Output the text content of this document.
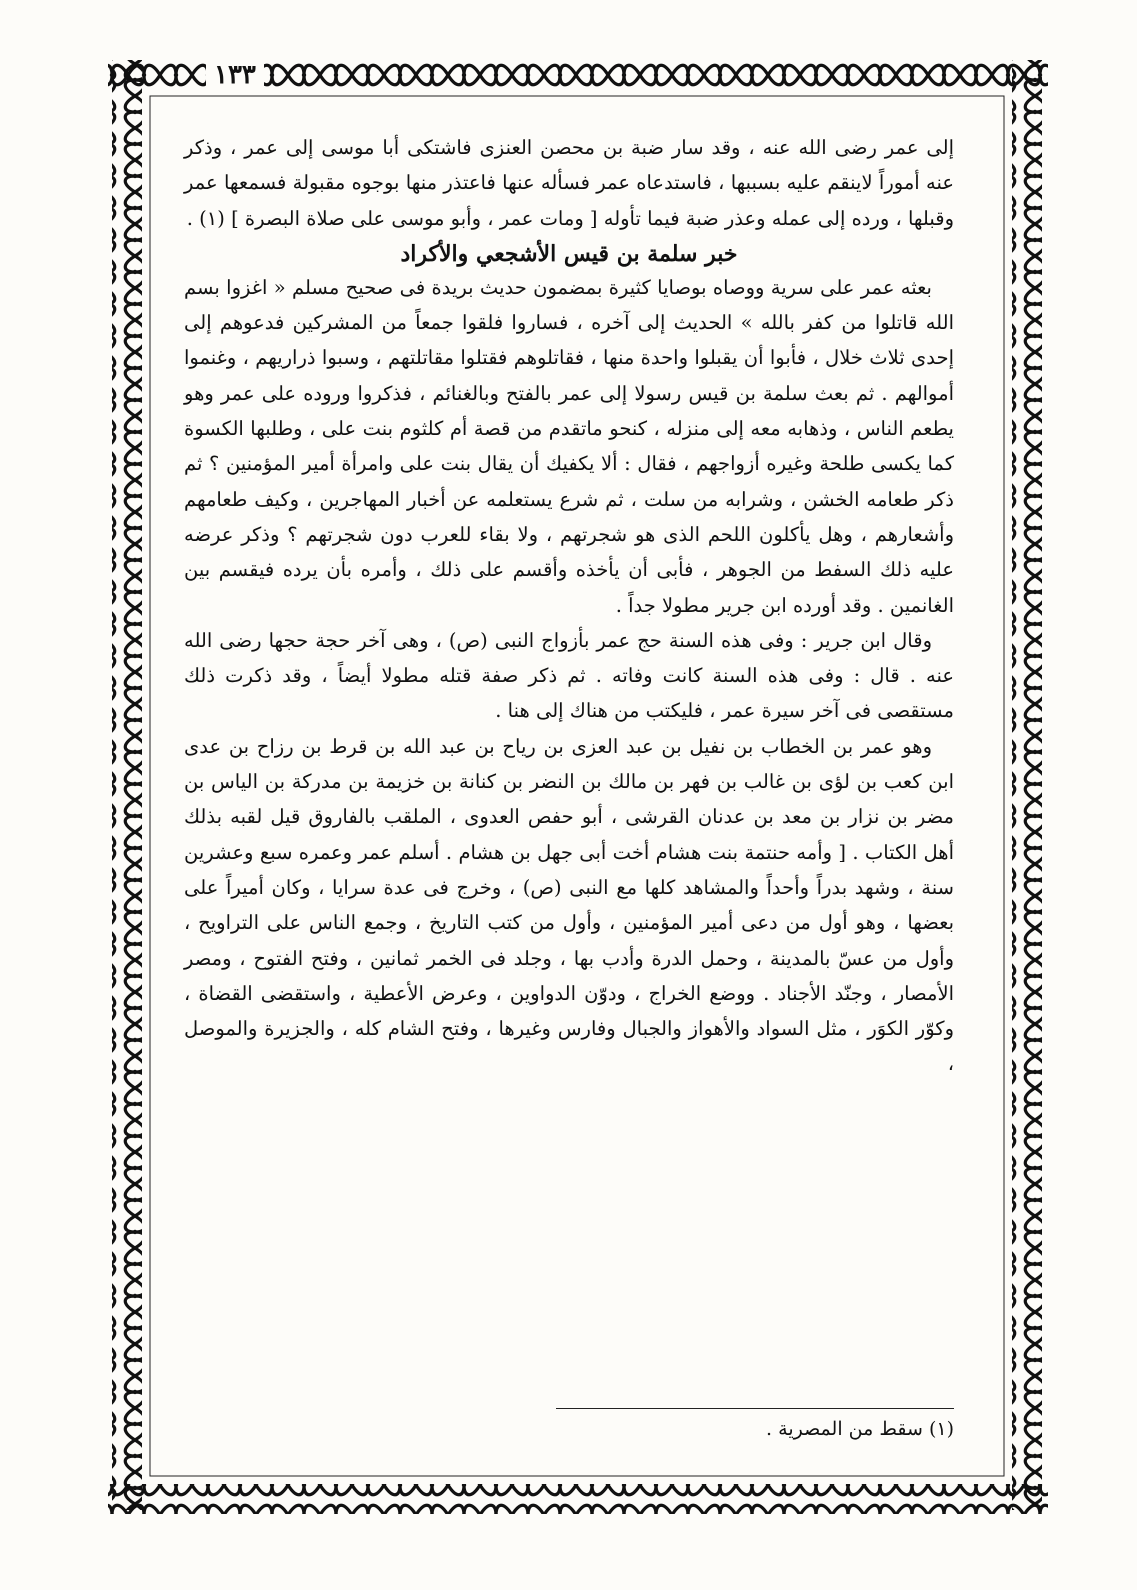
١٣٣

إلى عمر رضى الله عنه ، وقد سار ضبة بن محصن العنزى فاشتكى أبا موسى إلى عمر ، وذكر عنه أموراً لاينقم عليه بسببها ، فاستدعاه عمر فسأله عنها فاعتذر منها بوجوه مقبولة فسمعها عمر وقبلها ، ورده إلى عمله وعذر ضبة فيما تأوله [ ومات عمر ، وأبو موسى على صلاة البصرة ] (١) .

خبر سلمة بن قيس الأشجعي والأكراد

بعثه عمر على سرية ووصاه بوصايا كثيرة بمضمون حديث بريدة فى صحيح مسلم « اغزوا بسم الله قاتلوا من كفر بالله » الحديث إلى آخره ، فساروا فلقوا جمعاً من المشركين فدعوهم إلى إحدى ثلاث خلال ، فأبوا أن يقبلوا واحدة منها ، فقاتلوهم فقتلوا مقاتلتهم ، وسبوا ذراريهم ، وغنموا أموالهم . ثم بعث سلمة بن قيس رسولا إلى عمر بالفتح وبالغنائم ، فذكروا وروده على عمر وهو يطعم الناس ، وذهابه معه إلى منزله ، كنحو ماتقدم من قصة أم كلثوم بنت على ، وطلبها الكسوة كما يكسى طلحة وغيره أزواجهم ، فقال : ألا يكفيك أن يقال بنت على وامرأة أمير المؤمنين ؟ ثم ذكر طعامه الخشن ، وشرابه من سلت ، ثم شرع يستعلمه عن أخبار المهاجرين ، وكيف طعامهم وأشعارهم ، وهل يأكلون اللحم الذى هو شجرتهم ، ولا بقاء للعرب دون شجرتهم ؟ وذكر عرضه عليه ذلك السفط من الجوهر ، فأبى أن يأخذه وأقسم على ذلك ، وأمره بأن يرده فيقسم بين الغانمين . وقد أورده ابن جرير مطولا جداً .

وقال ابن جرير : وفى هذه السنة حج عمر بأزواج النبى (ص) ، وهى آخر حجة حجها رضى الله عنه . قال : وفى هذه السنة كانت وفاته . ثم ذكر صفة قتله مطولا أيضاً ، وقد ذكرت ذلك مستقصى فى آخر سيرة عمر ، فليكتب من هناك إلى هنا .

وهو عمر بن الخطاب بن نفيل بن عبد العزى بن رياح بن عبد الله بن قرط بن رزاح بن عدى ابن كعب بن لؤى بن غالب بن فهر بن مالك بن النضر بن كنانة بن خزيمة بن مدركة بن الياس بن مضر بن نزار بن معد بن عدنان القرشى ، أبو حفص العدوى ، الملقب بالفاروق قيل لقبه بذلك أهل الكتاب . [ وأمه حنتمة بنت هشام أخت أبى جهل بن هشام . أسلم عمر وعمره سبع وعشرين سنة ، وشهد بدراً وأحداً والمشاهد كلها مع النبى (ص) ، وخرج فى عدة سرايا ، وكان أميراً على بعضها ، وهو أول من دعى أمير المؤمنين ، وأول من كتب التاريخ ، وجمع الناس على التراويح ، وأول من عسّ بالمدينة ، وحمل الدرة وأدب بها ، وجلد فى الخمر ثمانين ، وفتح الفتوح ، ومصر الأمصار ، وجنّد الأجناد . ووضع الخراج ، ودوّن الدواوين ، وعرض الأعطية ، واستقضى القضاة ، وكوّر الكوَر ، مثل السواد والأهواز والجبال وفارس وغيرها ، وفتح الشام كله ، والجزيرة والموصل ،

(١) سقط من المصرية .
